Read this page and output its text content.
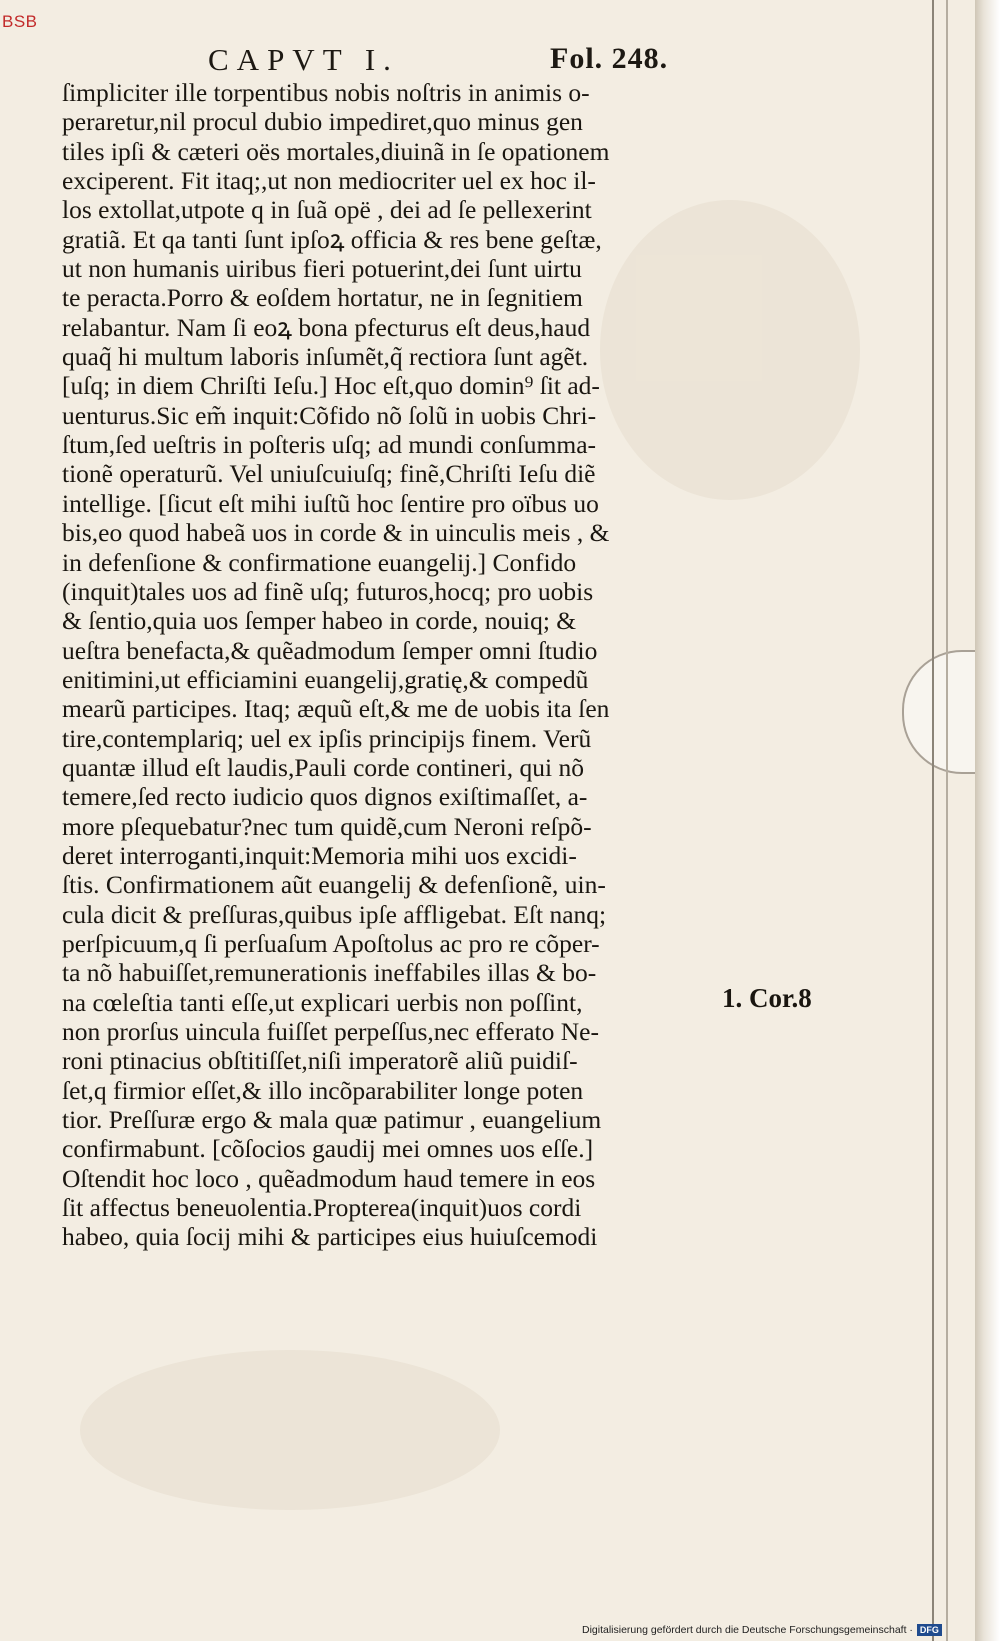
CAPVT I.	Fol. 248.
ſimpliciter ille torpentibus nobis noſtris in animis o-
peraretur,nil procul dubio impediret,quo minus gen
tiles ipſi & cæteri oës mortales,diuinã in ſe opationem
exciperent. Fit itaq;,ut non mediocriter uel ex hoc il-
los extollat,utpote q in ſuã opë , dei ad ſe pellexerint
gratiã. Et qa tanti ſunt ipſoꝝ officia & res bene geſtæ,
ut non humanis uiribus fieri potuerint,dei ſunt uirtu
te peracta.Porro & eoſdem hortatur, ne in ſegnitiem
relabantur. Nam ſi eoꝝ bona pfecturus eſt deus,haud
quaq̃ hi multum laboris inſumẽt,q̃ rectiora ſunt agẽt.
[uſq; in diem Chriſti Ieſu.] Hoc eſt,quo domin⁹ ſit ad-
uenturus.Sic em̃ inquit:Cõfido nõ ſolũ in uobis Chri-
ſtum,ſed ueſtris in poſteris uſq; ad mundi conſumma-
tionẽ operaturũ. Vel uniuſcuiuſq; finẽ,Chriſti Ieſu diẽ
intellige. [ſicut eſt mihi iuſtũ hoc ſentire pro oïbus uo
bis,eo quod habeã uos in corde & in uinculis meis , &
in defenſione & confirmatione euangelij.] Confido
(inquit)tales uos ad finẽ uſq; futuros,hocq; pro uobis
& ſentio,quia uos ſemper habeo in corde, nouiq; &
ueſtra benefacta,& quẽadmodum ſemper omni ſtudio
enitimini,ut efficiamini euangelij,gratię,& compedũ
mearũ participes. Itaq; æquũ eſt,& me de uobis ita ſen
tire,contemplariq; uel ex ipſis principijs finem. Verũ
quantæ illud eſt laudis,Pauli corde contineri, qui nõ
temere,ſed recto iudicio quos dignos exiſtimaſſet, a-
more pſequebatur?nec tum quidẽ,cum Neroni reſpõ-
deret interroganti,inquit:Memoria mihi uos excidi-
ſtis. Confirmationem aũt euangelij & defenſionẽ, uin-
cula dicit & preſſuras,quibus ipſe affligebat. Eſt nanq;
perſpicuum,q ſi perſuaſum Apoſtolus ac pro re cõper-
ta nõ habuiſſet,remunerationis ineffabiles illas & bo-
na cœleſtia tanti eſſe,ut explicari uerbis non poſſint,
non prorſus uincula fuiſſet perpeſſus,nec efferato Ne-
roni ptinacius obſtitiſſet,niſi imperatorẽ aliũ puidiſ-
ſet,q firmior eſſet,& illo incõparabiliter longe poten
tior. Preſſuræ ergo & mala quæ patimur , euangelium
confirmabunt. [cõſocios gaudij mei omnes uos eſſe.]
Oſtendit hoc loco , quẽadmodum haud temere in eos
ſit affectus beneuolentia.Propterea(inquit)uos cordi
habeo, quia ſocij mihi & participes eius huiuſcemodi
1. Cor.8
BSB
Digitalisierung gefördert durch die Deutsche Forschungsgemeinschaft · DFG
